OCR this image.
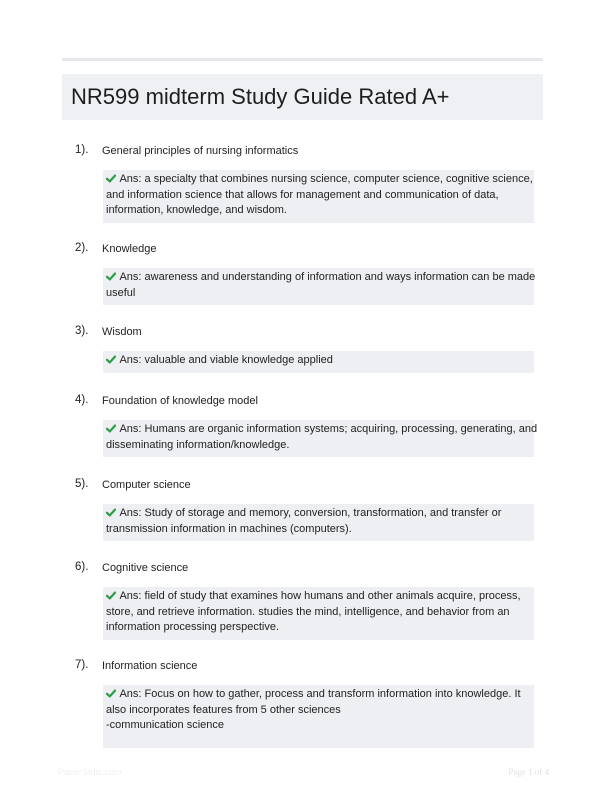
NR599 midterm Study Guide Rated A+
1). General principles of nursing informatics
Ans: a specialty that combines nursing science, computer science, cognitive science,
and information science that allows for management and communication of data,
information, knowledge, and wisdom.
2). Knowledge
Ans: awareness and understanding of information and ways information can be made
useful
3). Wisdom
Ans: valuable and viable knowledge applied
4). Foundation of knowledge model
Ans: Humans are organic information systems; acquiring, processing, generating, and
disseminating information/knowledge.
5). Computer science
Ans: Study of storage and memory, conversion, transformation, and transfer or
transmission information in machines (computers).
6). Cognitive science
Ans: field of study that examines how humans and other animals acquire, process,
store, and retrieve information. studies the mind, intelligence, and behavior from an
information processing perspective.
7). Information science
Ans: Focus on how to gather, process and transform information into knowledge. It
also incorporates features from 5 other sciences
-communication science
PaperStdic.com	Page 1 of 4
